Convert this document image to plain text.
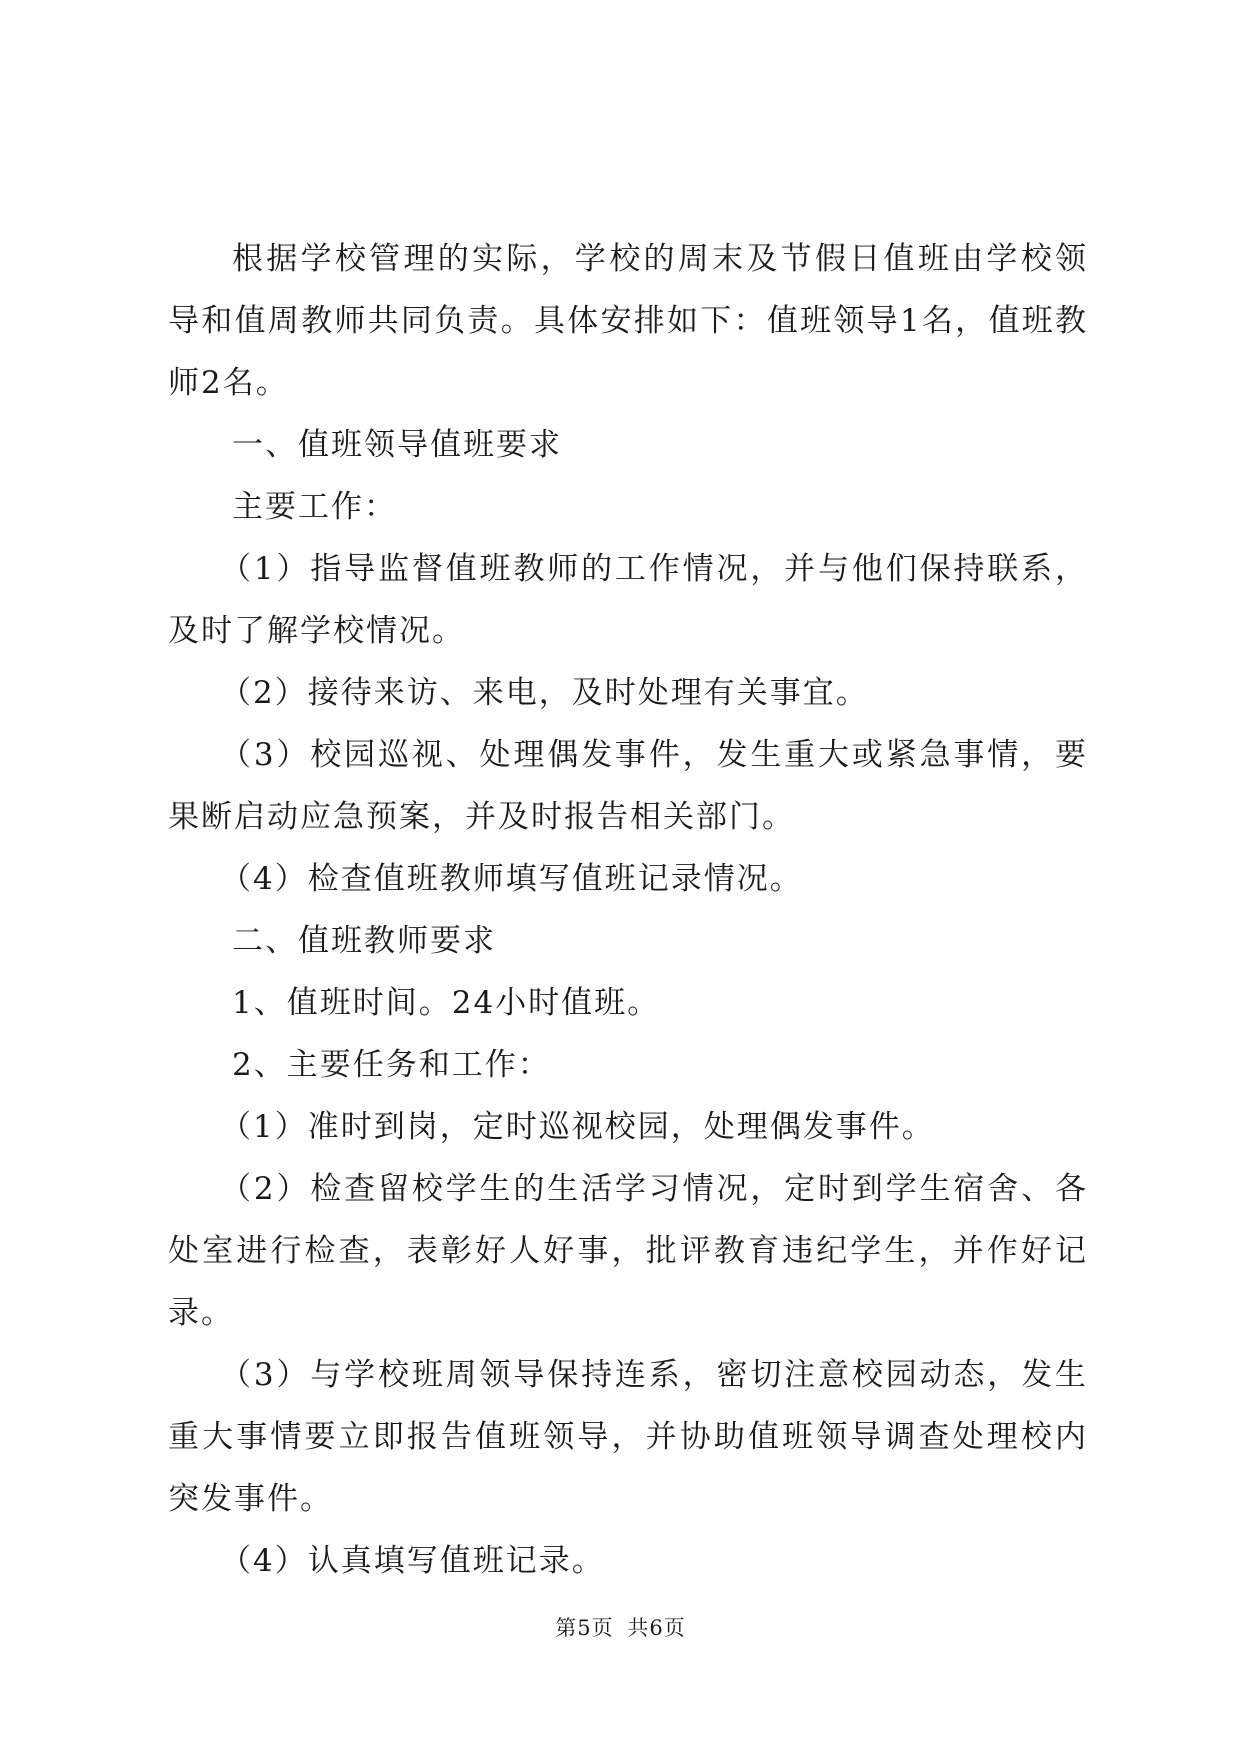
根据学校管理的实际，学校的周末及节假日值班由学校领导和值周教师共同负责。具体安排如下：值班领导1名，值班教师2名。

一、值班领导值班要求

主要工作：

（1）指导监督值班教师的工作情况，并与他们保持联系，及时了解学校情况。

（2）接待来访、来电，及时处理有关事宜。

（3）校园巡视、处理偶发事件，发生重大或紧急事情，要果断启动应急预案，并及时报告相关部门。

（4）检查值班教师填写值班记录情况。

二、值班教师要求

1、值班时间。24小时值班。

2、主要任务和工作：

（1）准时到岗，定时巡视校园，处理偶发事件。

（2）检查留校学生的生活学习情况，定时到学生宿舍、各处室进行检查，表彰好人好事，批评教育违纪学生，并作好记录。

（3）与学校班周领导保持连系，密切注意校园动态，发生重大事情要立即报告值班领导，并协助值班领导调查处理校内突发事件。

（4）认真填写值班记录。

第5页 共6页
